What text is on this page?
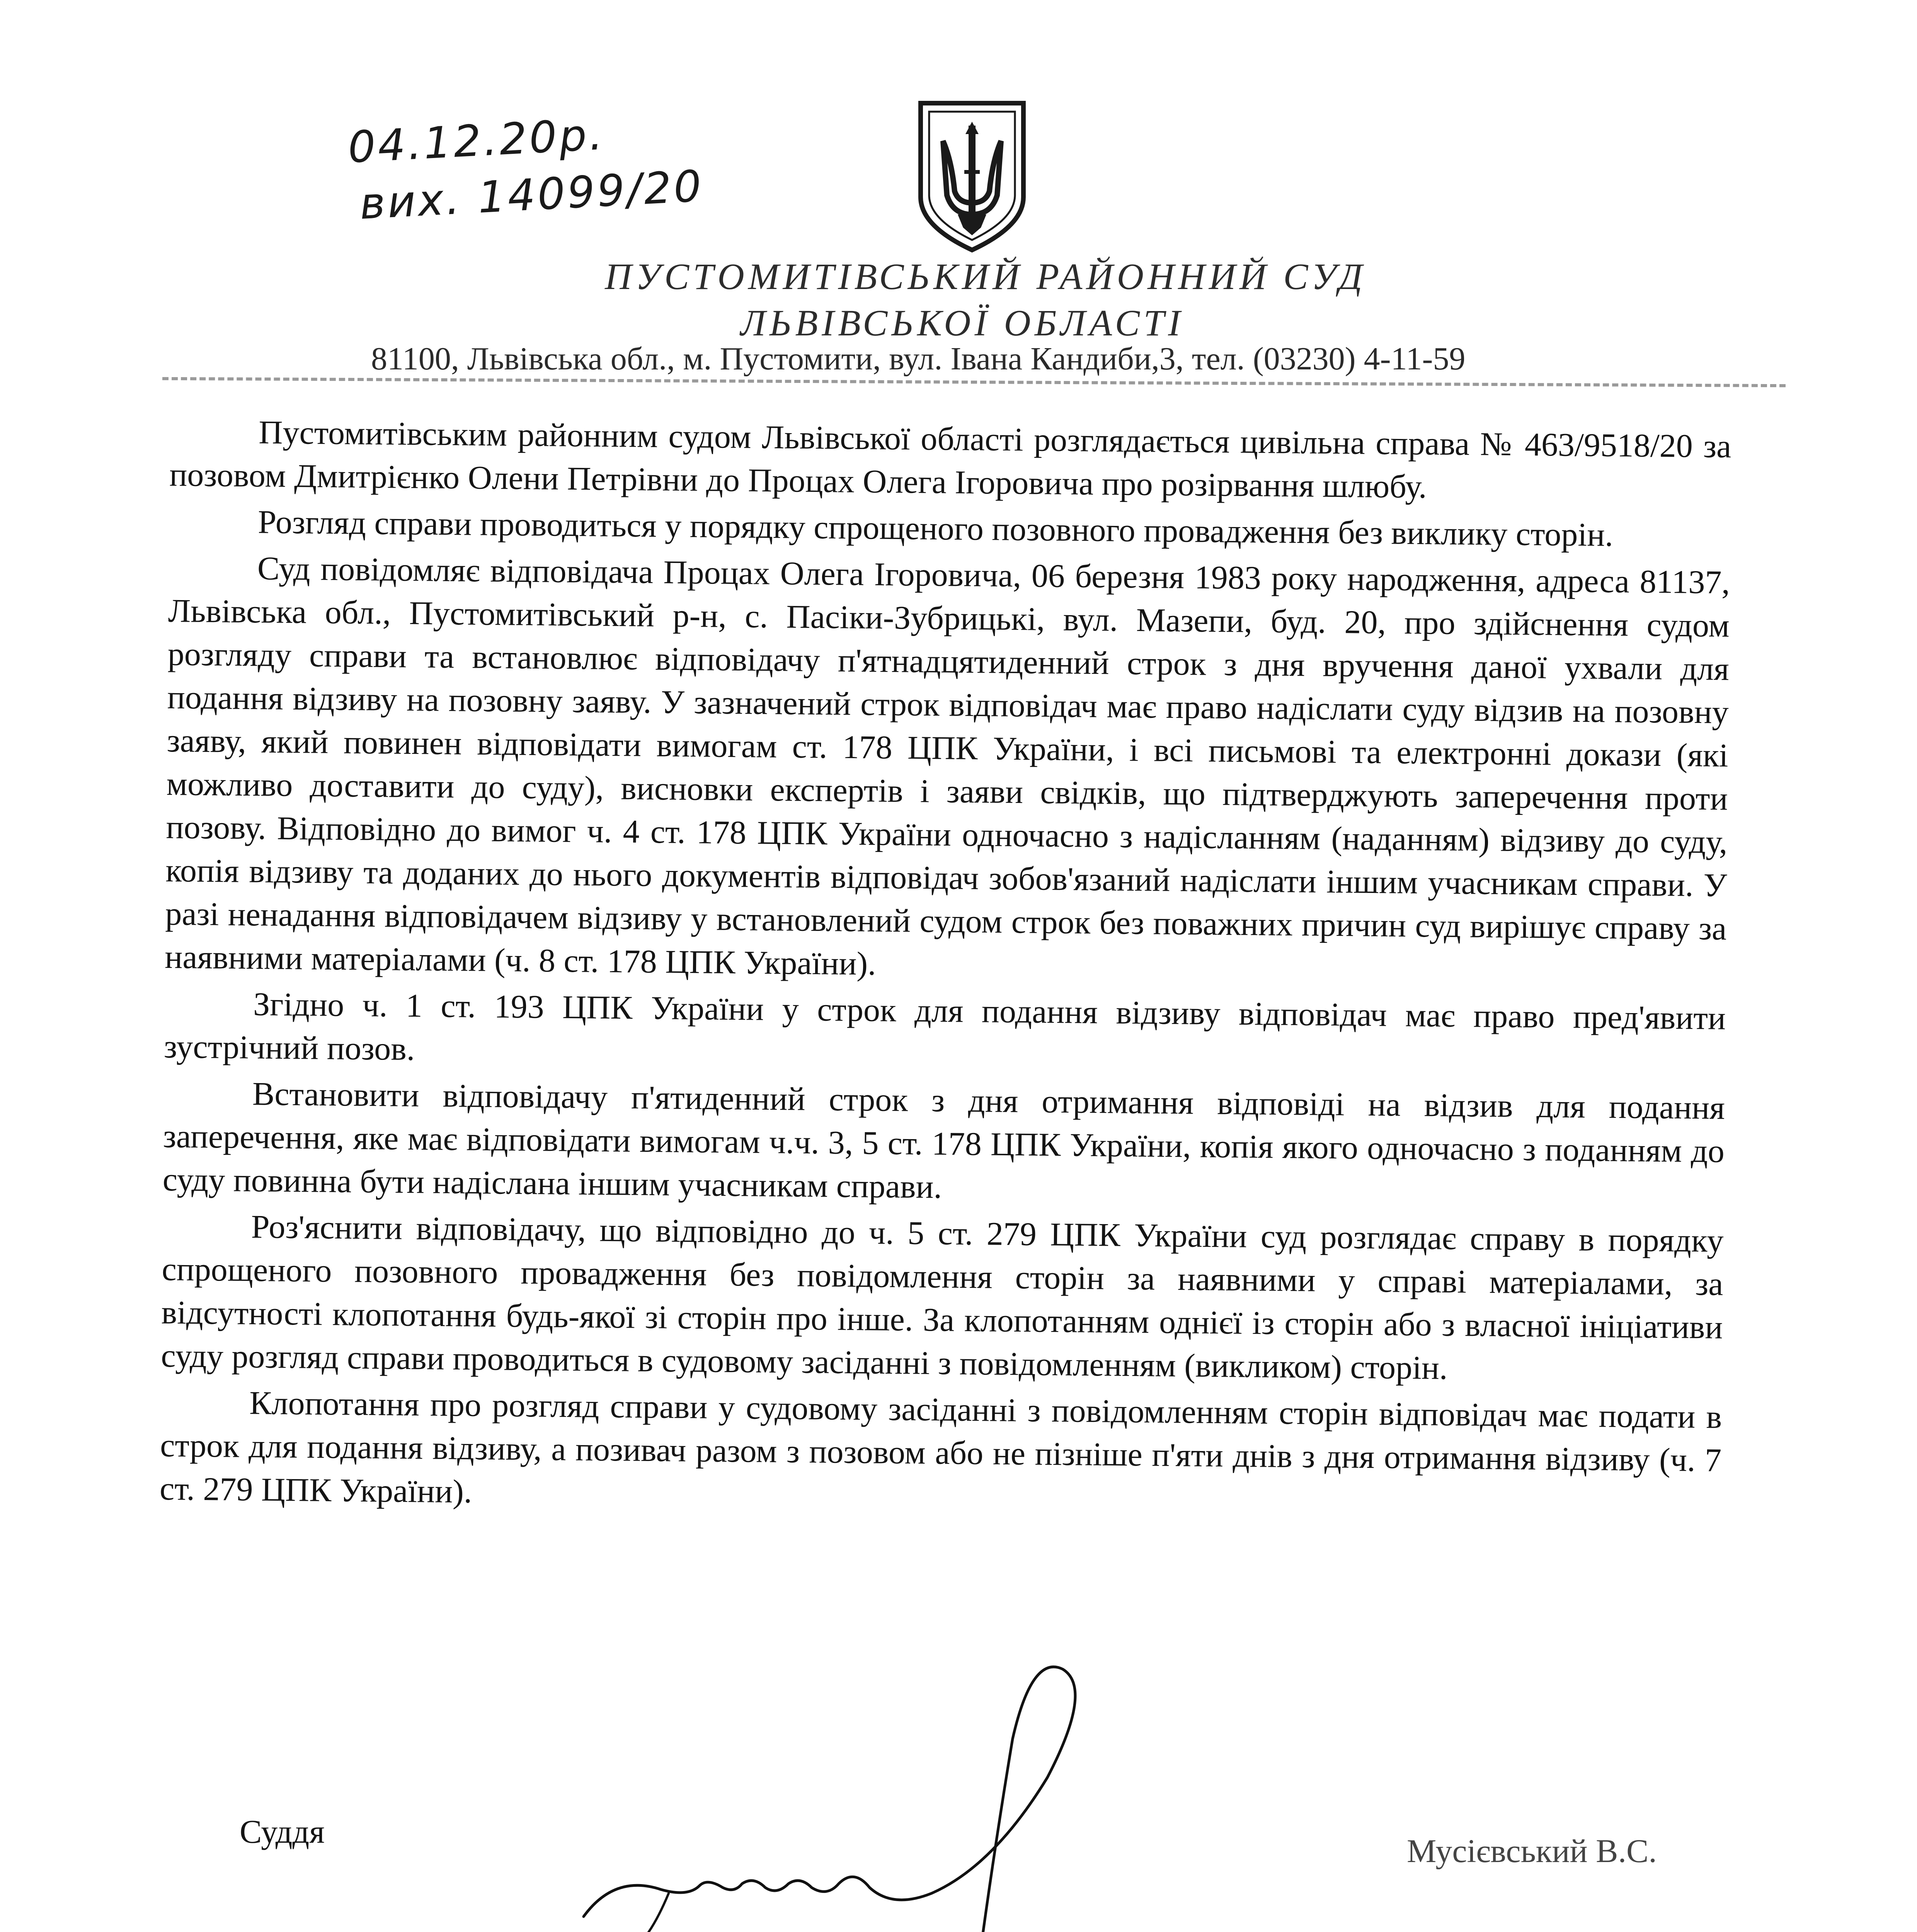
04.12.20р.
вих. 14099/20
ПУСТОМИТІВСЬКИЙ РАЙОННИЙ СУД
ЛЬВІВСЬКОЇ ОБЛАСТІ
81100, Львівська обл., м. Пустомити, вул. Івана Кандиби,3, тел. (03230) 4-11-59

Пустомитівським районним судом Львівської області розглядається цивільна справа № 463/9518/20 за позовом Дмитрієнко Олени Петрівни до Процах Олега Ігоровича про розірвання шлюбу.

Розгляд справи проводиться у порядку спрощеного позовного провадження без виклику сторін.

Суд повідомляє відповідача Процах Олега Ігоровича, 06 березня 1983 року народження, адреса 81137, Львівська обл., Пустомитівський р-н, с. Пасіки-Зубрицькі, вул. Мазепи, буд. 20, про здійснення судом розгляду справи та встановлює відповідачу п'ятнадцятиденний строк з дня вручення даної ухвали для подання відзиву на позовну заяву. У зазначений строк відповідач має право надіслати суду відзив на позовну заяву, який повинен відповідати вимогам ст. 178 ЦПК України, і всі письмові та електронні докази (які можливо доставити до суду), висновки експертів і заяви свідків, що підтверджують заперечення проти позову. Відповідно до вимог ч. 4 ст. 178 ЦПК України одночасно з надісланням (наданням) відзиву до суду, копія відзиву та доданих до нього документів відповідач зобов'язаний надіслати іншим учасникам справи. У разі ненадання відповідачем відзиву у встановлений судом строк без поважних причин суд вирішує справу за наявними матеріалами (ч. 8 ст. 178 ЦПК України).

Згідно ч. 1 ст. 193 ЦПК України у строк для подання відзиву відповідач має право пред'явити зустрічний позов.

Встановити відповідачу п'ятиденний строк з дня отримання відповіді на відзив для подання заперечення, яке має відповідати вимогам ч.ч. 3, 5 ст. 178 ЦПК України, копія якого одночасно з поданням до суду повинна бути надіслана іншим учасникам справи.

Роз'яснити відповідачу, що відповідно до ч. 5 ст. 279 ЦПК України суд розглядає справу в порядку спрощеного позовного провадження без повідомлення сторін за наявними у справі матеріалами, за відсутності клопотання будь-якої зі сторін про інше. За клопотанням однієї із сторін або з власної ініціативи суду розгляд справи проводиться в судовому засіданні з повідомленням (викликом) сторін.

Клопотання про розгляд справи у судовому засіданні з повідомленням сторін відповідач має подати в строк для подання відзиву, а позивач разом з позовом або не пізніше п'яти днів з дня отримання відзиву (ч. 7 ст. 279 ЦПК України).

Суддя
Мусієвський В.С.
